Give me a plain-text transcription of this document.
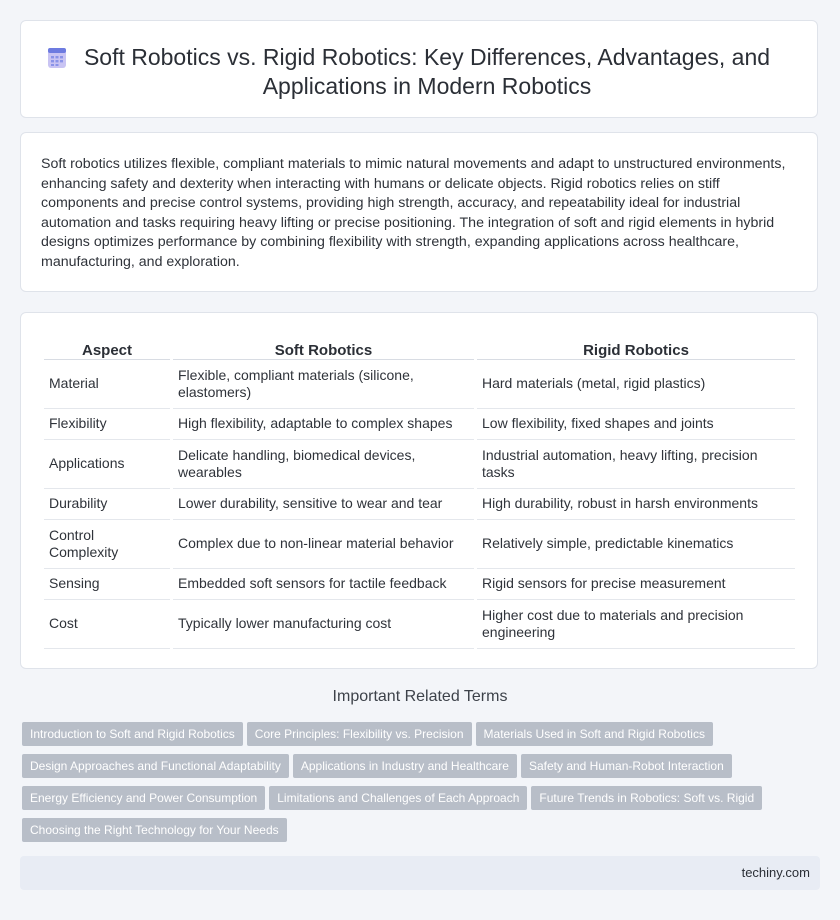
Soft Robotics vs. Rigid Robotics: Key Differences, Advantages, and Applications in Modern Robotics

Soft robotics utilizes flexible, compliant materials to mimic natural movements and adapt to unstructured environments, enhancing safety and dexterity when interacting with humans or delicate objects. Rigid robotics relies on stiff components and precise control systems, providing high strength, accuracy, and repeatability ideal for industrial automation and tasks requiring heavy lifting or precise positioning. The integration of soft and rigid elements in hybrid designs optimizes performance by combining flexibility with strength, expanding applications across healthcare, manufacturing, and exploration.

Aspect	Soft Robotics	Rigid Robotics
Material	Flexible, compliant materials (silicone, elastomers)	Hard materials (metal, rigid plastics)
Flexibility	High flexibility, adaptable to complex shapes	Low flexibility, fixed shapes and joints
Applications	Delicate handling, biomedical devices, wearables	Industrial automation, heavy lifting, precision tasks
Durability	Lower durability, sensitive to wear and tear	High durability, robust in harsh environments
Control Complexity	Complex due to non-linear material behavior	Relatively simple, predictable kinematics
Sensing	Embedded soft sensors for tactile feedback	Rigid sensors for precise measurement
Cost	Typically lower manufacturing cost	Higher cost due to materials and precision engineering
Important Related Terms
Introduction to Soft and Rigid Robotics Core Principles: Flexibility vs. Precision Materials Used in Soft and Rigid Robotics
Design Approaches and Functional Adaptability Applications in Industry and Healthcare Safety and Human-Robot Interaction
Energy Efficiency and Power Consumption Limitations and Challenges of Each Approach Future Trends in Robotics: Soft vs. Rigid
Choosing the Right Technology for Your Needs
techiny.com
